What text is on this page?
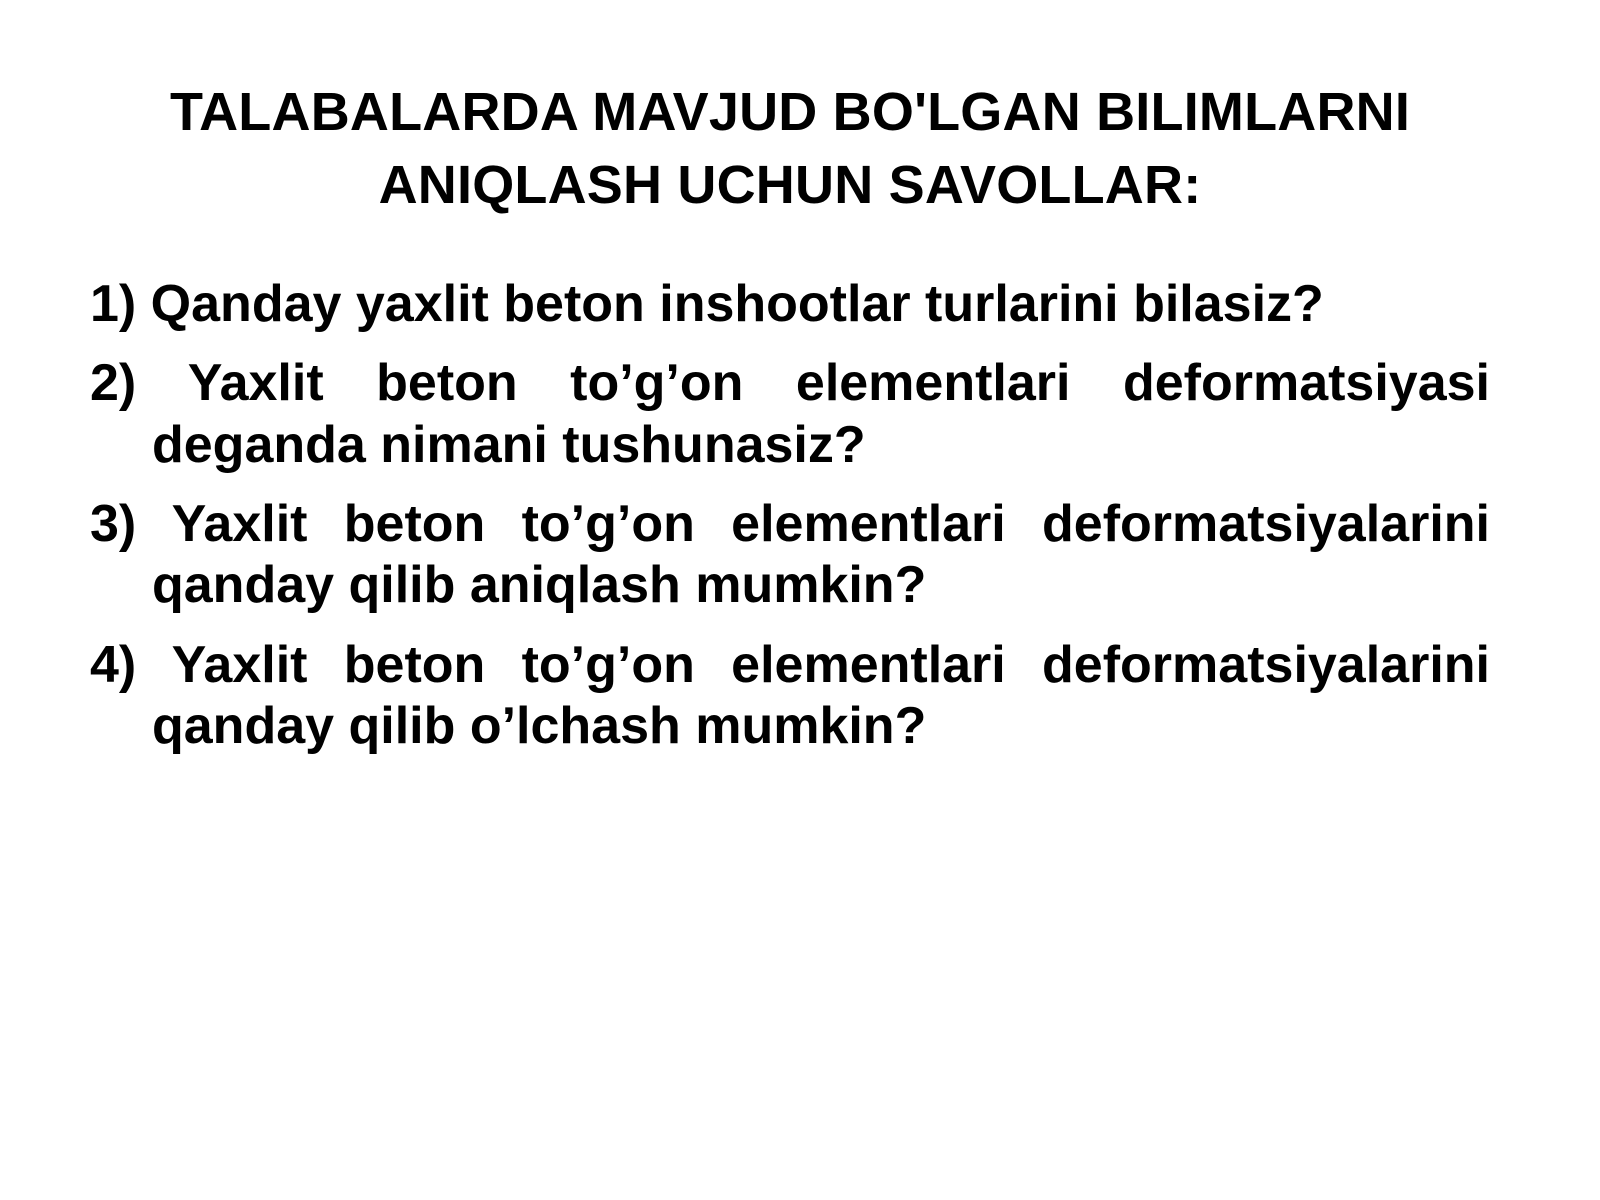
TALABALARDA MAVJUD BO'LGAN BILIMLARNI ANIQLASH UCHUN SAVOLLAR:

1) Qanday yaxlit beton inshootlar turlarini bilasiz?

2) Yaxlit beton to’g’on elementlari deformatsiyasi deganda nimani tushunasiz?

3) Yaxlit beton to’g’on elementlari deformatsiyalarini qanday qilib aniqlash mumkin?

4) Yaxlit beton to’g’on elementlari deformatsiyalarini qanday qilib o’lchash mumkin?
